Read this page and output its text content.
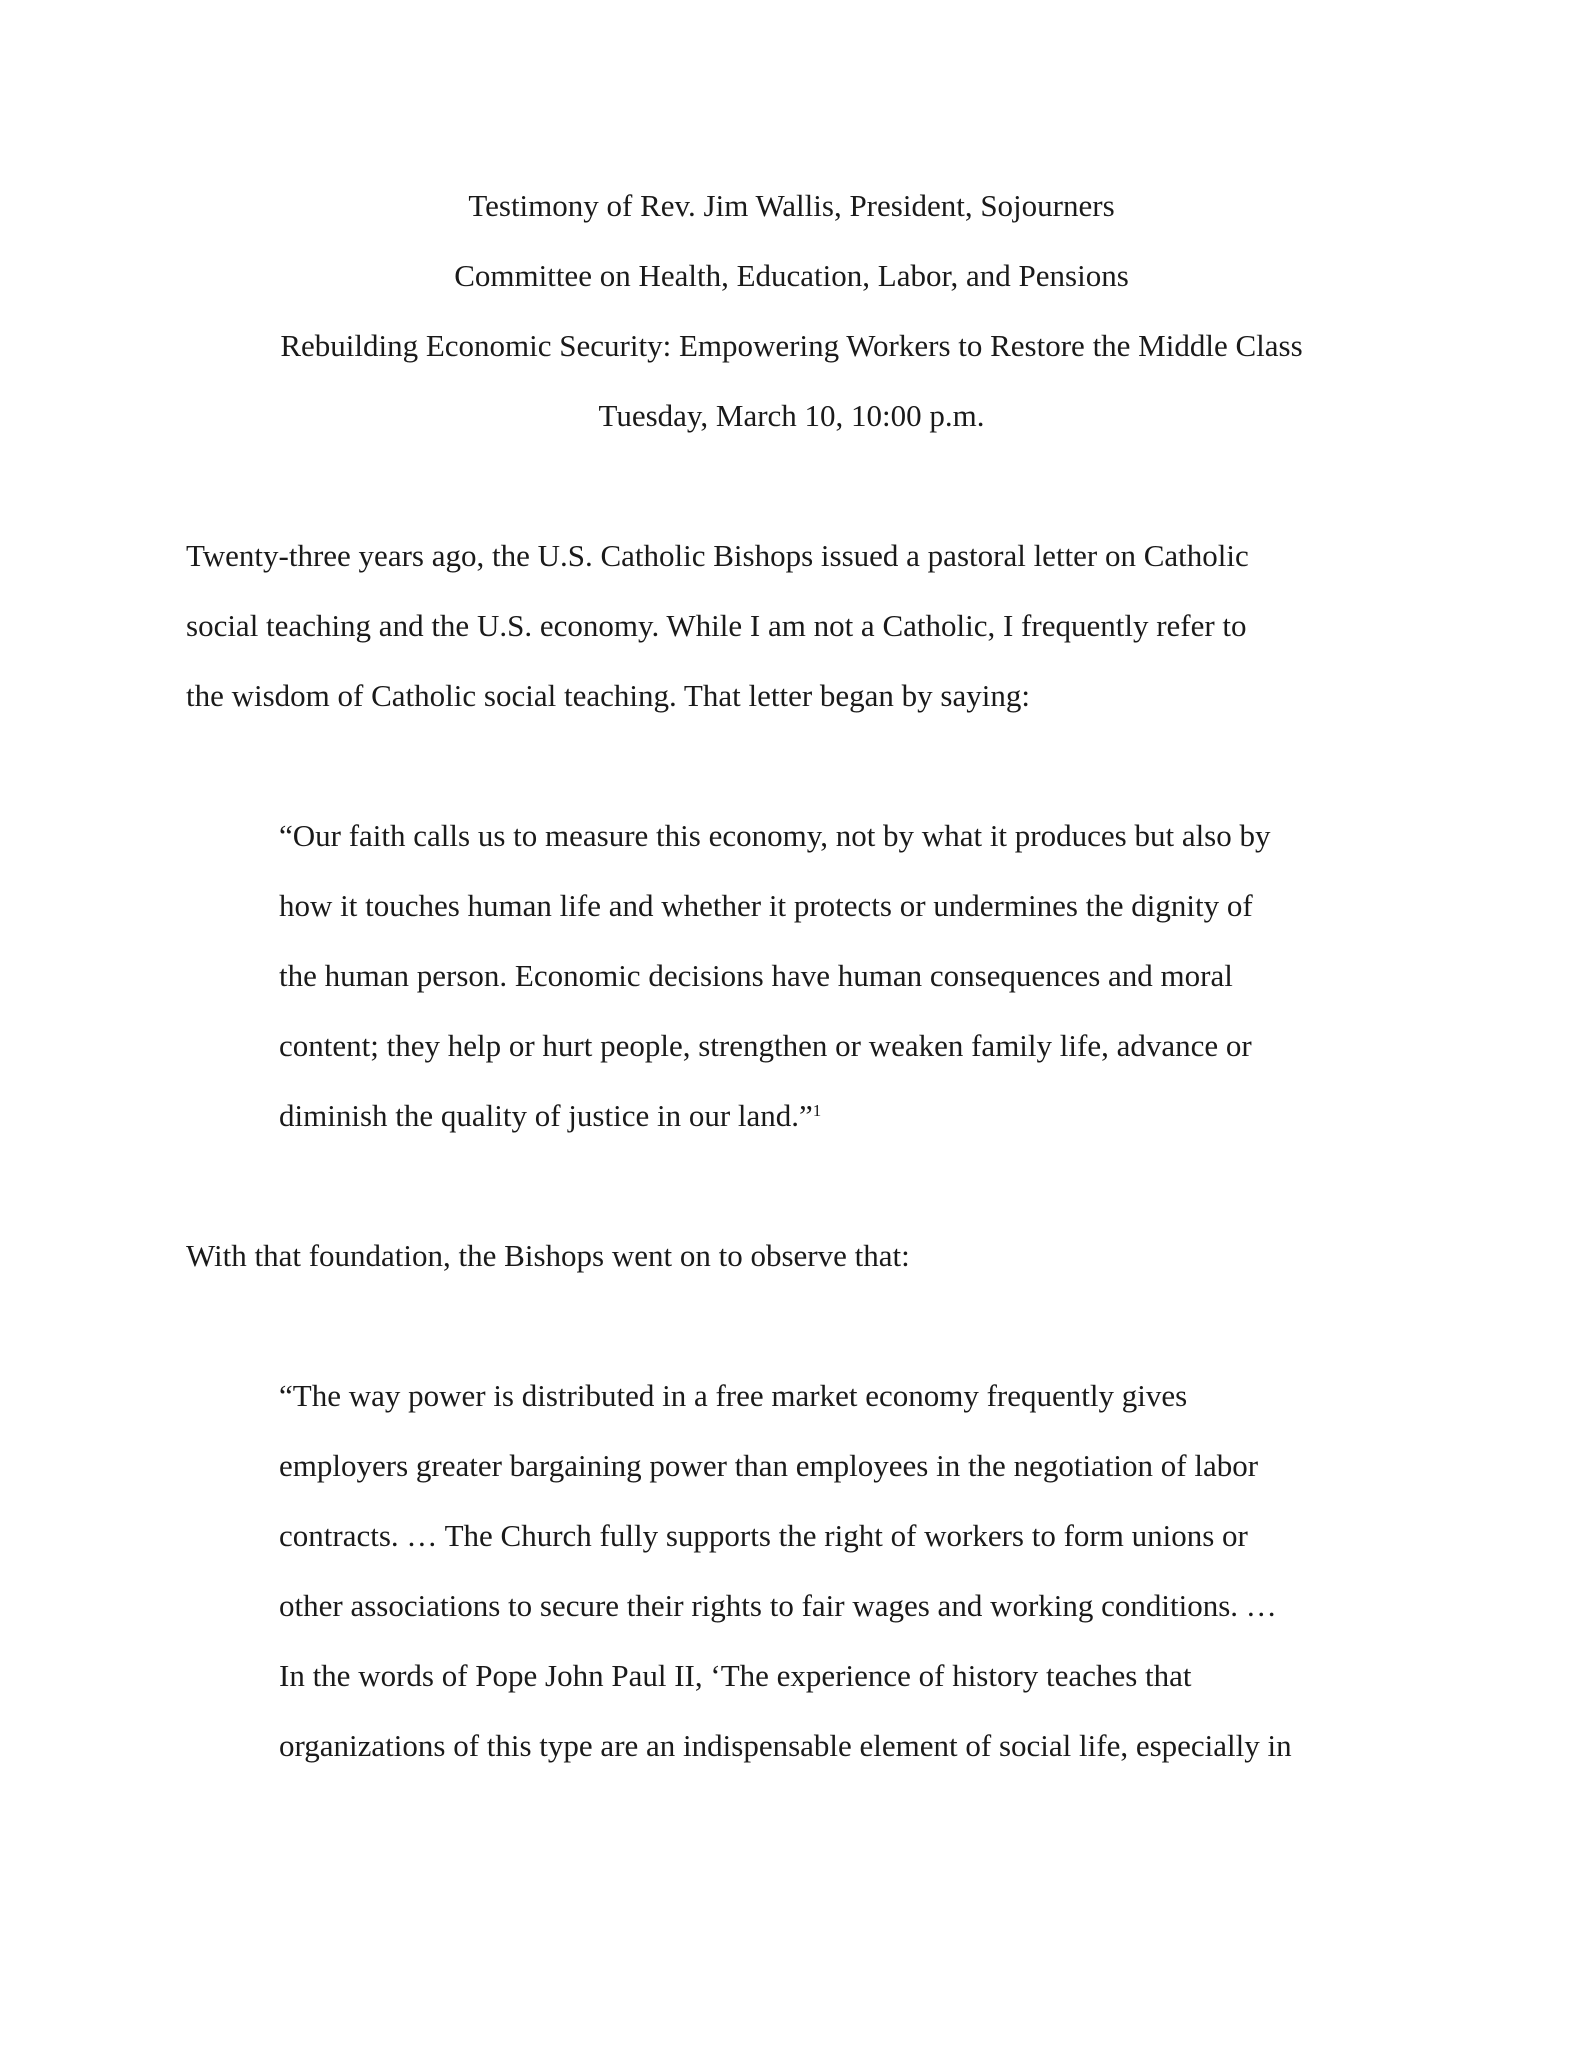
Testimony of Rev. Jim Wallis, President, Sojourners
Committee on Health, Education, Labor, and Pensions
Rebuilding Economic Security: Empowering Workers to Restore the Middle Class
Tuesday, March 10, 10:00 p.m.
Twenty-three years ago, the U.S. Catholic Bishops issued a pastoral letter on Catholic
social teaching and the U.S. economy. While I am not a Catholic, I frequently refer to
the wisdom of Catholic social teaching. That letter began by saying:
“Our faith calls us to measure this economy, not by what it produces but also by
how it touches human life and whether it protects or undermines the dignity of
the human person. Economic decisions have human consequences and moral
content; they help or hurt people, strengthen or weaken family life, advance or
diminish the quality of justice in our land.”$^1$
With that foundation, the Bishops went on to observe that:
“The way power is distributed in a free market economy frequently gives
employers greater bargaining power than employees in the negotiation of labor
contracts. … The Church fully supports the right of workers to form unions or
other associations to secure their rights to fair wages and working conditions. …
In the words of Pope John Paul II, ‘The experience of history teaches that
organizations of this type are an indispensable element of social life, especially in
